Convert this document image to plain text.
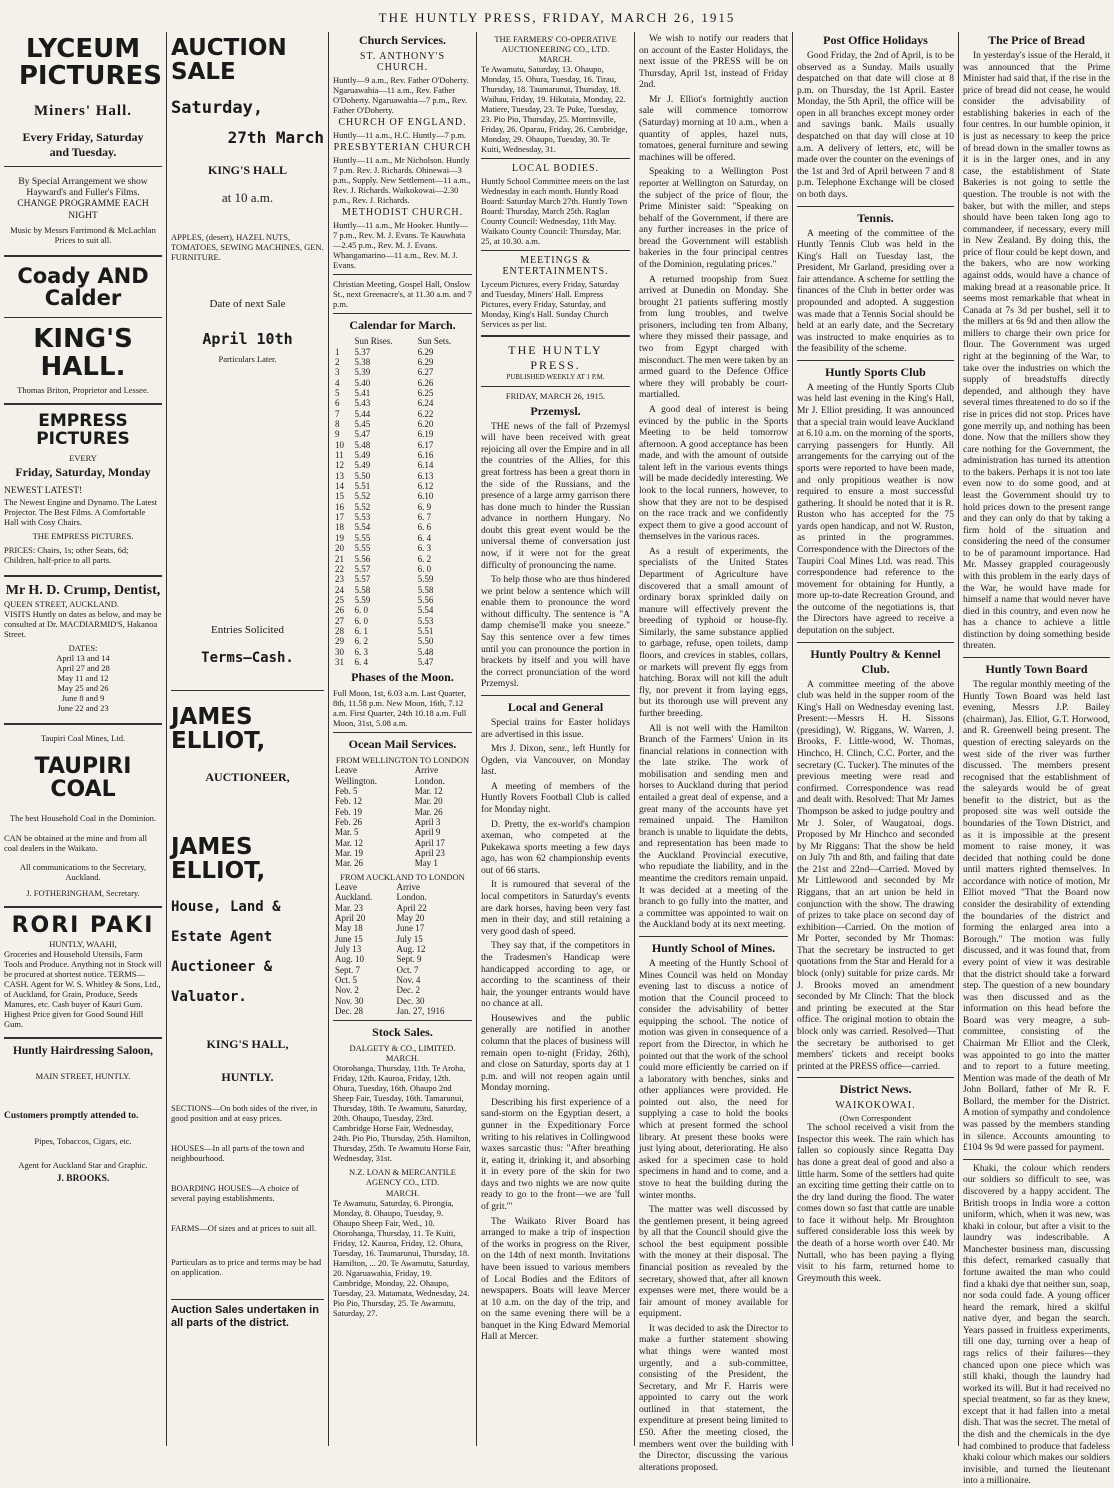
THE HUNTLY PRESS, FRIDAY, MARCH 26, 1915
LYCEUM
PICTURES
Miners' Hall.
Every Friday, Saturday and Tuesday.
By Special Arrangement we show Hayward's and Fuller's Films.
CHANGE PROGRAMME EACH NIGHT
Music by Messrs Farrimond & McLachlan Prices to suit all.
Coady AND Calder
KING'S HALL.
Thomas Briton, Proprietor and Lessee.
EMPRESS PICTURES
EVERY
Friday, Saturday, Monday
NEWEST LATEST!
The Newest Engine and Dynamo. The Latest Projector. The Best Films. A Comfortable Hall with Cosy Chairs.
THE EMPRESS PICTURES.
PRICES: Chairs, 1s; other Seats, 6d; Children, half-price to all parts.
Mr H. D. Crump, Dentist,
QUEEN STREET, AUCKLAND.
VISITS Huntly on dates as below, and may be consulted at Dr. MACDIARMID'S, Hakanoa Street.
DATES:
April 13 and 14
April 27 and 28
May 11 and 12
May 25 and 26
June 8 and 9
June 22 and 23
Taupiri Coal Mines, Ltd.
TAUPIRI COAL
The best Household Coal in the Dominion.
CAN be obtained at the mine and from all coal dealers in the Waikato.
All communications to the Secretary, Auckland.
J. FOTHERINGHAM, Secretary.
RORI PAKI
HUNTLY, WAAHI,
Groceries and Household Utensils, Farm Tools and Produce. Anything not in Stock will be procured at shortest notice. TERMS—CASH. Agent for W. S. Whitley & Sons, Ltd., of Auckland, for Grain, Produce, Seeds Manures, etc. Cash buyer of Kauri Gum. Highest Price given for Good Sound Hill Gum.
Huntly Hairdressing Saloon,
MAIN STREET, HUNTLY.
Customers promptly attended to.
Pipes, Tobaccos, Cigars, etc.
Agent for Auckland Star and Graphic.
J. BROOKS.
AUCTION SALE
Saturday,
27th March
KING'S HALL
at 10 a.m.
APPLES, (desert), HAZEL NUTS, TOMATOES, SEWING MACHINES, GEN. FURNITURE.
Date of next Sale
April 10th
Particulars Later.
Entries Solicited
Terms—Cash.
JAMES ELLIOT,
AUCTIONEER,
JAMES ELLIOT,
House, Land &
Estate Agent
Auctioneer &
Valuator.
KING'S HALL,
HUNTLY.
SECTIONS—On both sides of the river, in good position and at easy prices.
HOUSES—In all parts of the town and neighbourhood.
BOARDING HOUSES—A choice of several paying establishments.
FARMS—Of sizes and at prices to suit all.
Particulars as to price and terms may be had on application.
Auction Sales undertaken in all parts of the district.
Church Services.
ST. ANTHONY'S CHURCH.
Huntly—9 a.m., Rev. Father O'Doherty. Ngaruawahia—11 a.m., Rev. Father O'Doherty. Ngaruawahia—7 p.m., Rev. Father O'Doherty.
CHURCH OF ENGLAND.
Huntly—11 a.m., H.C. Huntly—7 p.m.
PRESBYTERIAN CHURCH
Huntly—11 a.m., Mr Nicholson. Huntly 7 p.m. Rev. J. Richards. Ohinewai—3 p.m., Supply. New Settlement—11 a.m., Rev. J. Richards. Waikokowai—2.30 p.m., Rev. J. Richards.
METHODIST CHURCH.
Huntly—11 a.m., Mr Hooker. Huntly—7 p.m., Rev. M. J. Evans. Te Kauwhata—2.45 p.m., Rev. M. J. Evans. Whangamarino—11 a.m., Rev. M. J. Evans.
Christian Meeting, Gospel Hall, Onslow St., next Greenacre's, at 11.30 a.m. and 7 p.m.
Calendar for March.
	Sun Rises.	Sun Sets.
1	5.37	6.29
2	5.38	6.29
3	5.39	6.27
4	5.40	6.26
5	5.41	6.25
6	5.43	6.24
7	5.44	6.22
8	5.45	6.20
9	5.47	6.19
10	5.48	6.17
11	5.49	6.16
12	5.49	6.14
13	5.50	6.13
14	5.51	6.12
15	5.52	6.10
16	5.52	6. 9
17	5.53	6. 7
18	5.54	6. 6
19	5.55	6. 4
20	5.55	6. 3
21	5.56	6. 2
22	5.57	6. 0
23	5.57	5.59
24	5.58	5.58
25	5.59	5.56
26	6. 0	5.54
27	6. 0	5.53
28	6. 1	5.51
29	6. 2	5.50
30	6. 3	5.48
31	6. 4	5.47
Phases of the Moon.
Full Moon, 1st, 6.03 a.m. Last Quarter, 8th, 11.58 p.m. New Moon, 16th, 7.12 a.m. First Quarter, 24th 10.18 a.m. Full Moon, 31st, 5.08 a.m.
Ocean Mail Services.
FROM WELLINGTON TO LONDON
Leave	Arrive
Wellington.	London.
Feb. 5	Mar. 12
Feb. 12	Mar. 20
Feb. 19	Mar. 26
Feb. 26	April 3
Mar. 5	April 9
Mar. 12	April 17
Mar. 19	April 23
Mar. 26	May 1
FROM AUCKLAND TO LONDON
Leave	Arrive
Auckland.	London.
Mar. 23	April 22
April 20	May 20
May 18	June 17
June 15	July 15
July 13	Aug. 12
Aug. 10	Sept. 9
Sept. 7	Oct. 7
Oct. 5	Nov. 4
Nov. 2	Dec. 2
Nov. 30	Dec. 30
Dec. 28	Jan. 27, 1916
Stock Sales.
DALGETY & CO., LIMITED.
MARCH.
Otorohanga, Thursday, 11th. Te Aroha, Friday, 12th. Kauroa, Friday, 12th. Ohura, Tuesday, 16th. Ohaupo 2nd Sheep Fair, Tuesday, 16th. Tamarunui, Thursday, 18th. Te Awamutu, Saturday, 20th. Ohaupo, Tuesday, 23rd. Cambridge Horse Fair, Wednesday, 24th. Pio Pio, Thursday, 25th. Hamilton, Thursday, 25th. Te Awamutu Horse Fair, Wednesday, 31st.
N.Z. LOAN & MERCANTILE AGENCY CO., LTD.
MARCH.
Te Awamutu, Saturday, 6. Pirongia, Monday, 8. Ohaupo, Tuesday, 9. Ohaupo Sheep Fair, Wed., 10. Otorohanga, Thursday, 11. Te Kuiti, Friday, 12. Kauroa, Friday, 12. Ohura, Tuesday, 16. Taumarunui, Thursday, 18. Hamilton, ... 20. Te Awamutu, Saturday, 20. Ngaruawahia, Friday, 19. Cambridge, Monday, 22. Ohaupo, Tuesday, 23. Matamata, Wednesday, 24. Pio Pio, Thursday, 25. Te Awamutu, Saturday, 27.
THE FARMERS' CO-OPERATIVE AUCTIONEERING CO., LTD.
MARCH.
Te Awamutu, Saturday, 13. Ohaupo, Monday, 15. Ohura, Tuesday, 16. Tirau, Thursday, 18. Taumarunui, Thursday, 18. Waihau, Friday, 19. Hikutaia, Monday, 22. Matiere, Tuesday, 23. Te Puke, Tuesday, 23. Pio Pio, Thursday, 25. Morrinsville, Friday, 26. Oparau, Friday, 26. Cambridge, Monday, 29. Ohaupo, Tuesday, 30. Te Kuiti, Wednesday, 31.
LOCAL BODIES.
Huntly School Committee meets on the last Wednesday in each month. Huntly Road Board: Saturday March 27th. Huntly Town Board: Thursday, March 25th. Raglan County Council: Wednesday, 11th May. Waikato County Council: Thursday, Mar. 25, at 10.30. a.m.
MEETINGS & ENTERTAINMENTS.
Lyceum Pictures, every Friday, Saturday and Tuesday, Miners' Hall. Empress Pictures, every Friday, Saturday, and Monday, King's Hall. Sunday Church Services as per list.
THE HUNTLY PRESS.
PUBLISHED WEEKLY AT 1 P.M.
FRIDAY, MARCH 26, 1915.
Przemysl.

THE news of the fall of Przemysl will have been received with great rejoicing all over the Empire and in all the countries of the Allies, for this great fortress has been a great thorn in the side of the Russians, and the presence of a large army garrison there has done much to hinder the Russian advance in northern Hungary. No doubt this great event would be the universal theme of conversation just now, if it were not for the great difficulty of pronouncing the name.

To help those who are thus hindered we print below a sentence which will enable them to pronounce the word without difficulty. The sentence is "A damp chemise'll make you sneeze." Say this sentence over a few times until you can pronounce the portion in brackets by itself and you will have the correct pronunciation of the word Przemysl.

Local and General

Special trains for Easter holidays are advertised in this issue.

Mrs J. Dixon, senr., left Huntly for Ogden, via Vancouver, on Monday last.

A meeting of members of the Huntly Rovers Football Club is called for Monday night.

D. Pretty, the ex-world's champion axeman, who competed at the Pukekawa sports meeting a few days ago, has won 62 championship events out of 66 starts.

It is rumoured that several of the local competitors in Saturday's events are dark horses, having been very fast men in their day, and still retaining a very good dash of speed.

They say that, if the competitors in the Tradesmen's Handicap were handicapped according to age, or according to the scantiness of their hair, the younger entrants would have no chance at all.

Housewives and the public generally are notified in another column that the places of business will remain open to-night (Friday, 26th), and close on Saturday, sports day at 1 p.m. and will not reopen again until Monday morning.

Describing his first experience of a sand-storm on the Egyptian desert, a gunner in the Expeditionary Force writing to his relatives in Collingwood waxes sarcastic thus: "After breathing it, eating it, drinking it, and absorbing it in every pore of the skin for two days and two nights we are now quite ready to go to the front—we are 'full of grit.'"

The Waikato River Board has arranged to make a trip of inspection of the works in progress on the River, on the 14th of next month. Invitations have been issued to various members of Local Bodies and the Editors of newspapers. Boats will leave Mercer at 10 a.m. on the day of the trip, and on the same evening there will be a banquet in the King Edward Memorial Hall at Mercer.

We wish to notify our readers that on account of the Easter Holidays, the next issue of the PRESS will be on Thursday, April 1st, instead of Friday 2nd.

Mr J. Elliot's fortnightly auction sale will commence tomorrow (Saturday) morning at 10 a.m., when a quantity of apples, hazel nuts, tomatoes, general furniture and sewing machines will be offered.

Speaking to a Wellington Post reporter at Wellington on Saturday, on the subject of the price of flour, the Prime Minister said: "Speaking on behalf of the Government, if there are any further increases in the price of bread the Government will establish bakeries in the four principal centres of the Dominion, regulating prices."

A returned troopship from Suez arrived at Dunedin on Monday. She brought 21 patients suffering mostly from lung troubles, and twelve prisoners, including ten from Albany, where they missed their passage, and two from Egypt charged with misconduct. The men were taken by an armed guard to the Defence Office where they will probably be court-martialled.

A good deal of interest is being evinced by the public in the Sports Meeting to be held tomorrow afternoon. A good acceptance has been made, and with the amount of outside talent left in the various events things will be made decidedly interesting. We look to the local runners, however, to show that they are not to be despised on the race track and we confidently expect them to give a good account of themselves in the various races.

As a result of experiments, the specialists of the United States Department of Agriculture have discovered that a small amount of ordinary borax sprinkled daily on manure will effectively prevent the breeding of typhoid or house-fly. Similarly, the same substance applied to garbage, refuse, open toilets, damp floors, and crevices in stables, collars, or markets will prevent fly eggs from hatching. Borax will not kill the adult fly, nor prevent it from laying eggs, but its thorough use will prevent any further breeding.

All is not well with the Hamilton Branch of the Farmers' Union in its financial relations in connection with the late strike. The work of mobilisation and sending men and horses to Auckland during that period entailed a great deal of expense, and a great many of the accounts have yet remained unpaid. The Hamilton branch is unable to liquidate the debts, and representation has been made to the Auckland Provincial executive, who repudiate the liability, and in the meantime the creditors remain unpaid. It was decided at a meeting of the branch to go fully into the matter, and a committee was appointed to wait on the Auckland body at its next meeting.

Huntly School of Mines.

A meeting of the Huntly School of Mines Council was held on Monday evening last to discuss a notice of motion that the Council proceed to consider the advisability of better equipping the school. The notice of motion was given in consequence of a report from the Director, in which he pointed out that the work of the school could more efficiently be carried on if a laboratory with benches, sinks and other appliances were provided. He pointed out also, the need for supplying a case to hold the books which at present formed the school library. At present these books were just lying about, deteriorating. He also asked for a specimen case to hold specimens in hand and to come, and a stove to heat the building during the winter months.

The matter was well discussed by the gentlemen present, it being agreed by all that the Council should give the school the best equipment possible with the money at their disposal. The financial position as revealed by the secretary, showed that, after all known expenses were met, there would be a fair amount of money available for equipment.

It was decided to ask the Director to make a further statement showing what things were wanted most urgently, and a sub-committee, consisting of the President, the Secretary, and Mr F. Harris were appointed to carry out the work outlined in that statement, the expenditure at present being limited to £50. After the meeting closed, the members went over the building with the Director, discussing the various alterations proposed.

Post Office Holidays

Good Friday, the 2nd of April, is to be observed as a Sunday. Mails usually despatched on that date will close at 8 p.m. on Thursday, the 1st April. Easter Monday, the 5th April, the office will be open in all branches except money order and savings bank. Mails usually despatched on that day will close at 10 a.m. A delivery of letters, etc, will be made over the counter on the evenings of the 1st and 3rd of April between 7 and 8 p.m. Telephone Exchange will be closed on both days.

Tennis.

A meeting of the committee of the Huntly Tennis Club was held in the King's Hall on Tuesday last, the President, Mr Garland, presiding over a fair attendance. A scheme for settling the finances of the Club in better order was propounded and adopted. A suggestion was made that a Tennis Social should be held at an early date, and the Secretary was instructed to make enquiries as to the feasibility of the scheme.

Huntly Sports Club

A meeting of the Huntly Sports Club was held last evening in the King's Hall, Mr J. Elliot presiding. It was announced that a special train would leave Auckland at 6.10 a.m. on the morning of the sports, carrying passengers for Huntly. All arrangements for the carrying out of the sports were reported to have been made, and only propitious weather is now required to ensure a most successful gathering. It should be noted that it is R. Ruston who has accepted for the 75 yards open handicap, and not W. Ruston, as printed in the programmes. Correspondence with the Directors of the Taupiri Coal Mines Ltd. was read. This correspondence had reference to the movement for obtaining for Huntly, a more up-to-date Recreation Ground, and the outcome of the negotiations is, that the Directors have agreed to receive a deputation on the subject.

Huntly Poultry & Kennel Club.

A committee meeting of the above club was held in the supper room of the King's Hall on Wednesday evening last. Present:—Messrs H. H. Sissons (presiding), W. Riggans, W. Warren, J. Brooks, F. Little-wood, W. Thomas, Hinchco, H. Clinch, C.C. Porter, and the secretary (C. Tucker). The minutes of the previous meeting were read and confirmed. Correspondence was read and dealt with. Resolved: That Mr James Thompson be asked to judge poultry and Mr J. Soler, of Waugatoai, dogs. Proposed by Mr Hinchco and seconded by Mr Riggans: That the show be held on July 7th and 8th, and failing that date the 21st and 22nd—Carried. Moved by Mr Littlewood and seconded by Mr Riggans, that an art union be held in conjunction with the show. The drawing of prizes to take place on second day of exhibition—Carried. On the motion of Mr Porter, seconded by Mr Thomas: That the secretary be instructed to get quotations from the Star and Herald for a block (only) suitable for prize cards. Mr J. Brooks moved an amendment seconded by Mr Clinch: That the block and printing be executed at the Star office. The original motion to obtain the block only was carried. Resolved—That the secretary be authorised to get members' tickets and receipt books printed at the PRESS office—carried.

District News.
WAIKOKOWAI.
(Own Correspondent

The school received a visit from the Inspector this week. The rain which has fallen so copiously since Regatta Day has done a great deal of good and also a little harm. Some of the settlers had quite an exciting time getting their cattle on to the dry land during the flood. The water comes down so fast that cattle are unable to face it without help. Mr Broughton suffered considerable loss this week by the death of a horse worth over £40. Mr Nuttall, who has been paying a flying visit to his farm, returned home to Greymouth this week.

The Price of Bread

In yesterday's issue of the Herald, it was announced that the Prime Minister had said that, if the rise in the price of bread did not cease, he would consider the advisability of establishing bakeries in each of the four centres. In our humble opinion, it is just as necessary to keep the price of bread down in the smaller towns as it is in the larger ones, and in any case, the establishment of State Bakeries is not going to settle the question. The trouble is not with the baker, but with the miller, and steps should have been taken long ago to commandeer, if necessary, every mill in New Zealand. By doing this, the price of flour could be kept down, and the bakers, who are now working against odds, would have a chance of making bread at a reasonable price. It seems most remarkable that wheat in Canada at 7s 3d per bushel, sell it to the millers at 6s 9d and then allow the millers to charge their own price for flour. The Government was urged right at the beginning of the War, to take over the industries on which the supply of breadstuffs directly depended, and although they have several times threatened to do so if the rise in prices did not stop. Prices have gone merrily up, and nothing has been done. Now that the millers show they care nothing for the Government, the administration has turned its attention to the bakers. Perhaps it is not too late even now to do some good, and at least the Government should try to hold prices down to the present range and they can only do that by taking a firm hold of the situation and considering the need of the consumer to be of paramount importance. Had Mr. Massey grappled courageously with this problem in the early days of the War, he would have made for himself a name that would never have died in this country, and even now he has a chance to achieve a little distinction by doing something beside threaten.

Huntly Town Board

The regular monthly meeting of the Huntly Town Board was held last evening, Messrs J.P. Bailey (chairman), Jas. Elliot, G.T. Horwood, and R. Greenwell being present. The question of erecting saleyards on the west side of the river was further discussed. The members present recognised that the establishment of the saleyards would be of great benefit to the district, but as the proposed site was well outside the boundaries of the Town District, and as it is impossible at the present moment to raise money, it was decided that nothing could be done until matters righted themselves. In accordance with notice of motion, Mr Elliot moved "That the Board now consider the desirability of extending the boundaries of the district and forming the enlarged area into a Borough." The motion was fully discussed, and it was found that, from every point of view it was desirable that the district should take a forward step. The question of a new boundary was then discussed and as the information on this head before the Board was very meagre, a sub-committee, consisting of the Chairman Mr Elliot and the Clerk, was appointed to go into the matter and to report to a future meeting. Mention was made of the death of Mr John Bollard, father of Mr R. F. Bollard, the member for the District. A motion of sympathy and condolence was passed by the members standing in silence. Accounts amounting to £104 9s 9d were passed for payment.

Khaki, the colour which renders our soldiers so difficult to see, was discovered by a happy accident. The British troops in India wore a cotton uniform, which, when it was new, was khaki in colour, but after a visit to the laundry was indescribable. A Manchester business man, discussing this defect, remarked casually that fortune awaited the man who could find a khaki dye that neither sun, soap, nor soda could fade. A young officer heard the remark, hired a skilful native dyer, and began the search. Years passed in fruitless experiments, till one day, turning over a heap of rags relics of their failures—they chanced upon one piece which was still khaki, though the laundry had worked its will. But it had received no special treatment, so far as they knew, except that it had fallen into a metal dish. That was the secret. The metal of the dish and the chemicals in the dye had combined to produce that fadeless khaki colour which makes our soldiers invisible, and turned the lieutenant into a millionaire.
